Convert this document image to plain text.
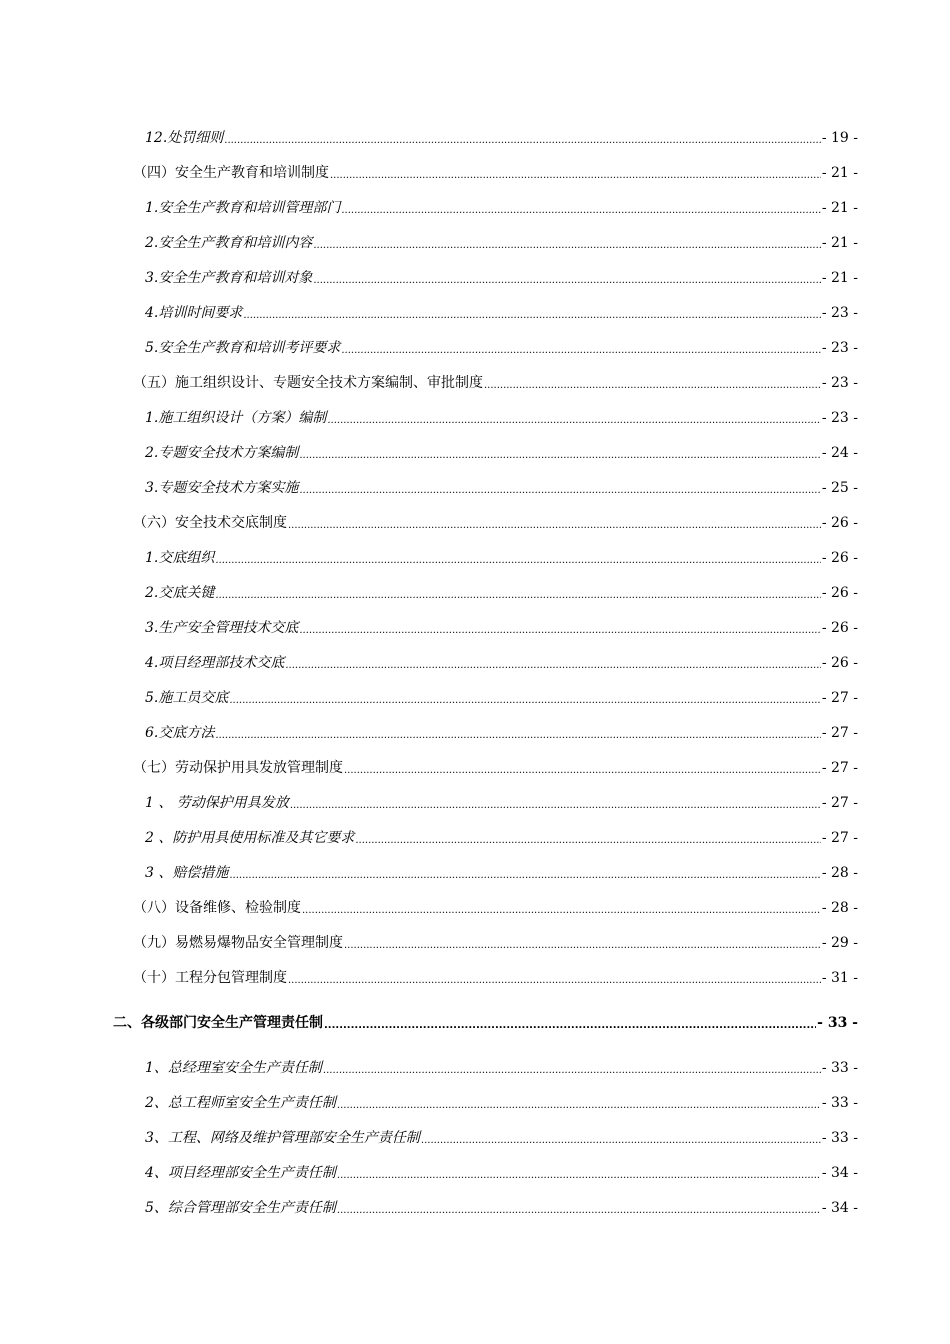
12.处罚细则 .....	- 19 -
（四）安全生产教育和培训制度 .....	- 21 -
1.安全生产教育和培训管理部门 .....	- 21 -
2.安全生产教育和培训内容 .....	- 21 -
3.安全生产教育和培训对象 .....	- 21 -
4.培训时间要求 .....	- 23 -
5.安全生产教育和培训考评要求 .....	- 23 -
（五）施工组织设计、专题安全技术方案编制、审批制度 .....	- 23 -
1.施工组织设计（方案）编制 .....	- 23 -
2.专题安全技术方案编制 .....	- 24 -
3.专题安全技术方案实施 .....	- 25 -
（六）安全技术交底制度 .....	- 26 -
1.交底组织 .....	- 26 -
2.交底关键 .....	- 26 -
3.生产安全管理技术交底 .....	- 26 -
4.项目经理部技术交底 .....	- 26 -
5.施工员交底 .....	- 27 -
6.交底方法 .....	- 27 -
（七）劳动保护用具发放管理制度 .....	- 27 -
1 、 劳动保护用具发放 .....	- 27 -
2 、防护用具使用标准及其它要求 .....	- 27 -
3 、赔偿措施 .....	- 28 -
（八）设备维修、检验制度 .....	- 28 -
（九）易燃易爆物品安全管理制度 .....	- 29 -
（十）工程分包管理制度 .....	- 31 -
二、各级部门安全生产管理责任制 .....	- 33 -
1、总经理室安全生产责任制 .....	- 33 -
2、总工程师室安全生产责任制 .....	- 33 -
3、工程、网络及维护管理部安全生产责任制 .....	- 33 -
4、项目经理部安全生产责任制 .....	- 34 -
5、综合管理部安全生产责任制 .....	- 34 -
